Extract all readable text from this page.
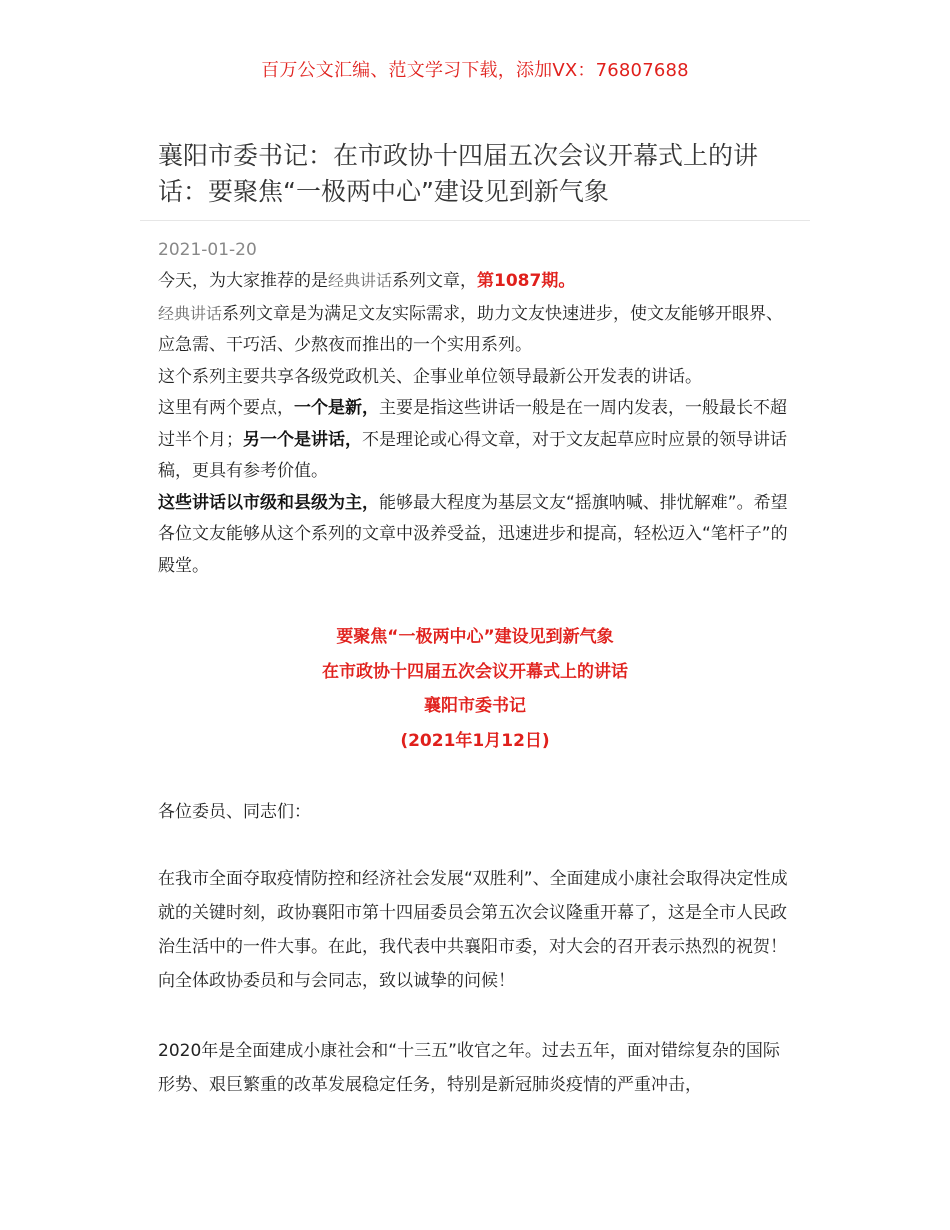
百万公文汇编、范文学习下载，添加VX：76807688
襄阳市委书记：在市政协十四届五次会议开幕式上的讲话：要聚焦“一极两中心”建设见到新气象
2021-01-20

今天，为大家推荐的是经典讲话系列文章，第1087期。

经典讲话系列文章是为满足文友实际需求，助力文友快速进步，使文友能够开眼界、应急需、干巧活、少熬夜而推出的一个实用系列。

这个系列主要共享各级党政机关、企事业单位领导最新公开发表的讲话。

这里有两个要点，一个是新，主要是指这些讲话一般是在一周内发表，一般最长不超过半个月；另一个是讲话，不是理论或心得文章，对于文友起草应时应景的领导讲话稿，更具有参考价值。

这些讲话以市级和县级为主，能够最大程度为基层文友“摇旗呐喊、排忧解难”。希望各位文友能够从这个系列的文章中汲养受益，迅速进步和提高，轻松迈入“笔杆子”的殿堂。

要聚焦“一极两中心”建设见到新气象
在市政协十四届五次会议开幕式上的讲话
襄阳市委书记
(2021年1月12日)

各位委员、同志们：

在我市全面夺取疫情防控和经济社会发展“双胜利”、全面建成小康社会取得决定性成就的关键时刻，政协襄阳市第十四届委员会第五次会议隆重开幕了，这是全市人民政治生活中的一件大事。在此，我代表中共襄阳市委，对大会的召开表示热烈的祝贺！向全体政协委员和与会同志，致以诚挚的问候！

2020年是全面建成小康社会和“十三五”收官之年。过去五年，面对错综复杂的国际形势、艰巨繁重的改革发展稳定任务，特别是新冠肺炎疫情的严重冲击，
